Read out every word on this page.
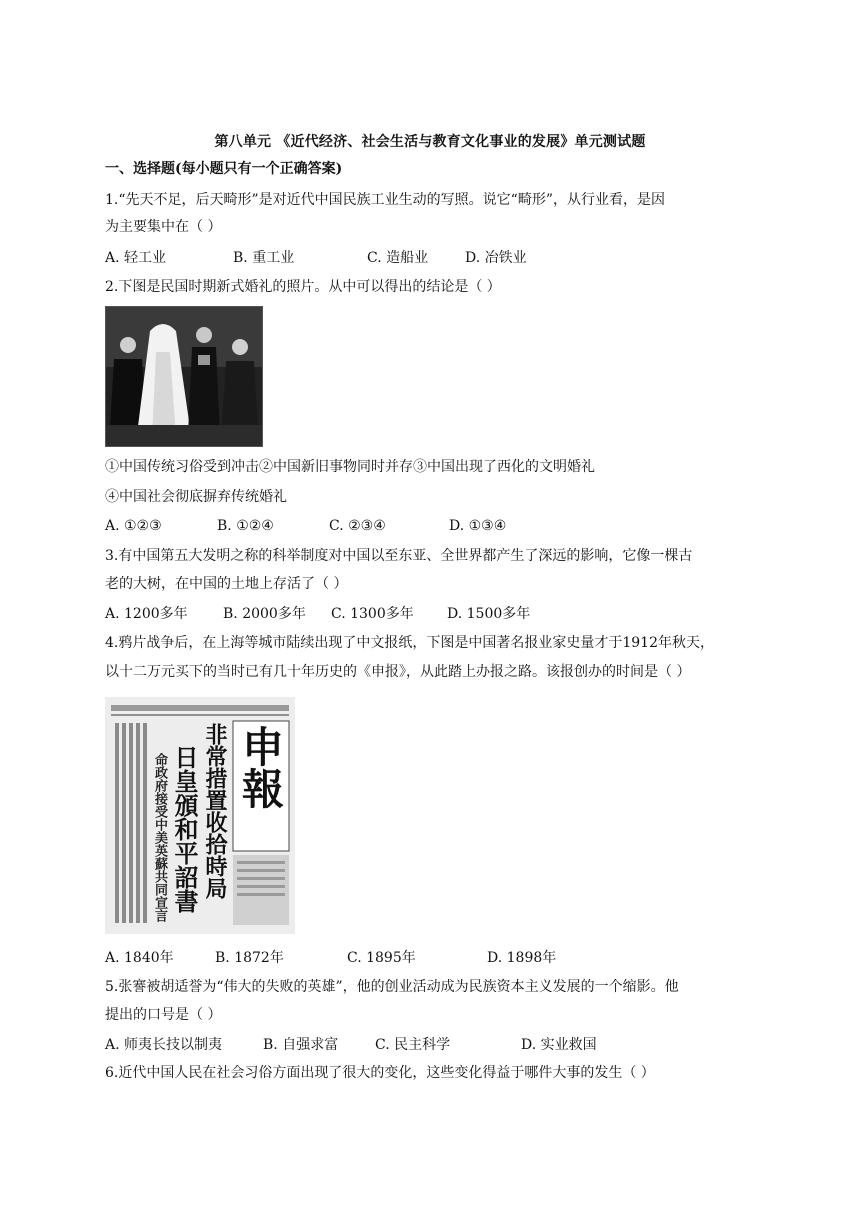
第八单元 《近代经济、社会生活与教育文化事业的发展》单元测试题
一、选择题(每小题只有一个正确答案)
1.“先天不足，后天畸形”是对近代中国民族工业生动的写照。说它“畸形”，从行业看，是因
为主要集中在（ ）
A. 轻工业	B. 重工业	C. 造船业	D. 冶铁业
2.下图是民国时期新式婚礼的照片。从中可以得出的结论是（ ）
①中国传统习俗受到冲击②中国新旧事物同时并存③中国出现了西化的文明婚礼
④中国社会彻底摒弃传统婚礼
A. ①②③	B. ①②④	C. ②③④	D. ①③④
3.有中国第五大发明之称的科举制度对中国以至东亚、全世界都产生了深远的影响，它像一棵古
老的大树，在中国的土地上存活了（ ）
A. 1200多年	B. 2000多年 C. 1300多年 D. 1500多年
4.鸦片战争后，在上海等城市陆续出现了中文报纸，下图是中国著名报业家史量才于1912年秋天，
以十二万元买下的当时已有几十年历史的《申报》，从此踏上办报之路。该报创办的时间是（ ）
申報
非常措置收拾時局
日皇頒和平詔書
命政府接受中美英蘇共同宣言
A. 1840年	B. 1872年	C. 1895年	D. 1898年
5.张謇被胡适誉为“伟大的失败的英雄”，他的创业活动成为民族资本主义发展的一个缩影。他
提出的口号是（ ）
A. 师夷长技以制夷	B. 自强求富	C. 民主科学	D. 实业救国
6.近代中国人民在社会习俗方面出现了很大的变化，这些变化得益于哪件大事的发生（ ）
